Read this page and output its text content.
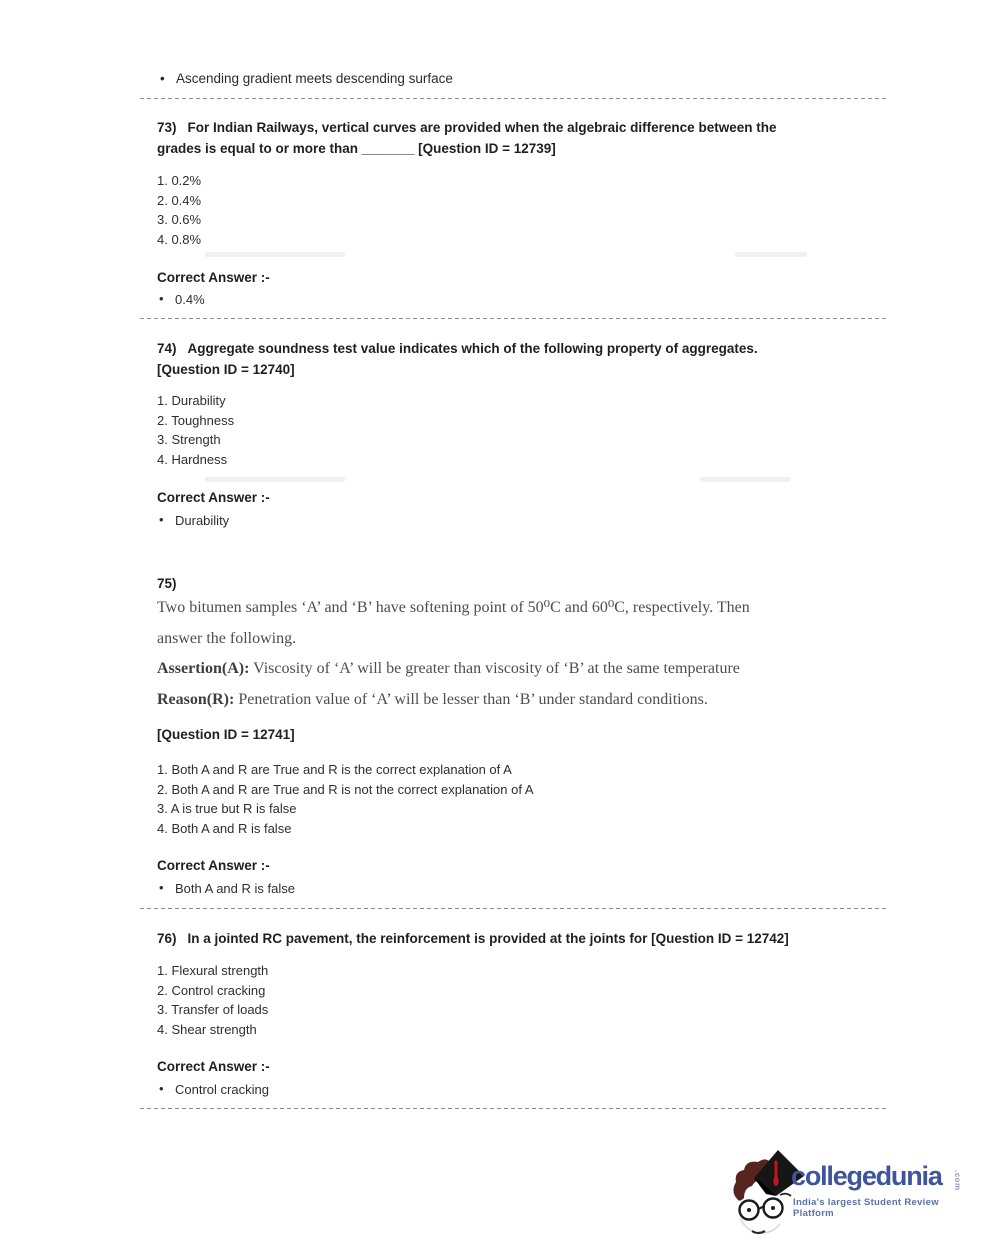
• Ascending gradient meets descending surface
73) For Indian Railways, vertical curves are provided when the algebraic difference between the
grades is equal to or more than _______ [Question ID = 12739]
1. 0.2%
2. 0.4%
3. 0.6%
4. 0.8%
Correct Answer :-
• 0.4%
74) Aggregate soundness test value indicates which of the following property of aggregates.
[Question ID = 12740]
1. Durability
2. Toughness
3. Strength
4. Hardness
Correct Answer :-
• Durability
75)
Two bitumen samples ‘A’ and ‘B’ have softening point of 50⁰C and 60⁰C, respectively. Then
answer the following.
Assertion(A): Viscosity of ‘A’ will be greater than viscosity of ‘B’ at the same temperature
Reason(R): Penetration value of ‘A’ will be lesser than ‘B’ under standard conditions.
[Question ID = 12741]
1. Both A and R are True and R is the correct explanation of A
2. Both A and R are True and R is not the correct explanation of A
3. A is true but R is false
4. Both A and R is false
Correct Answer :-
• Both A and R is false
76) In a jointed RC pavement, the reinforcement is provided at the joints for [Question ID = 12742]
1. Flexural strength
2. Control cracking
3. Transfer of loads
4. Shear strength
Correct Answer :-
• Control cracking
collegedunia .com
India's largest Student Review Platform
